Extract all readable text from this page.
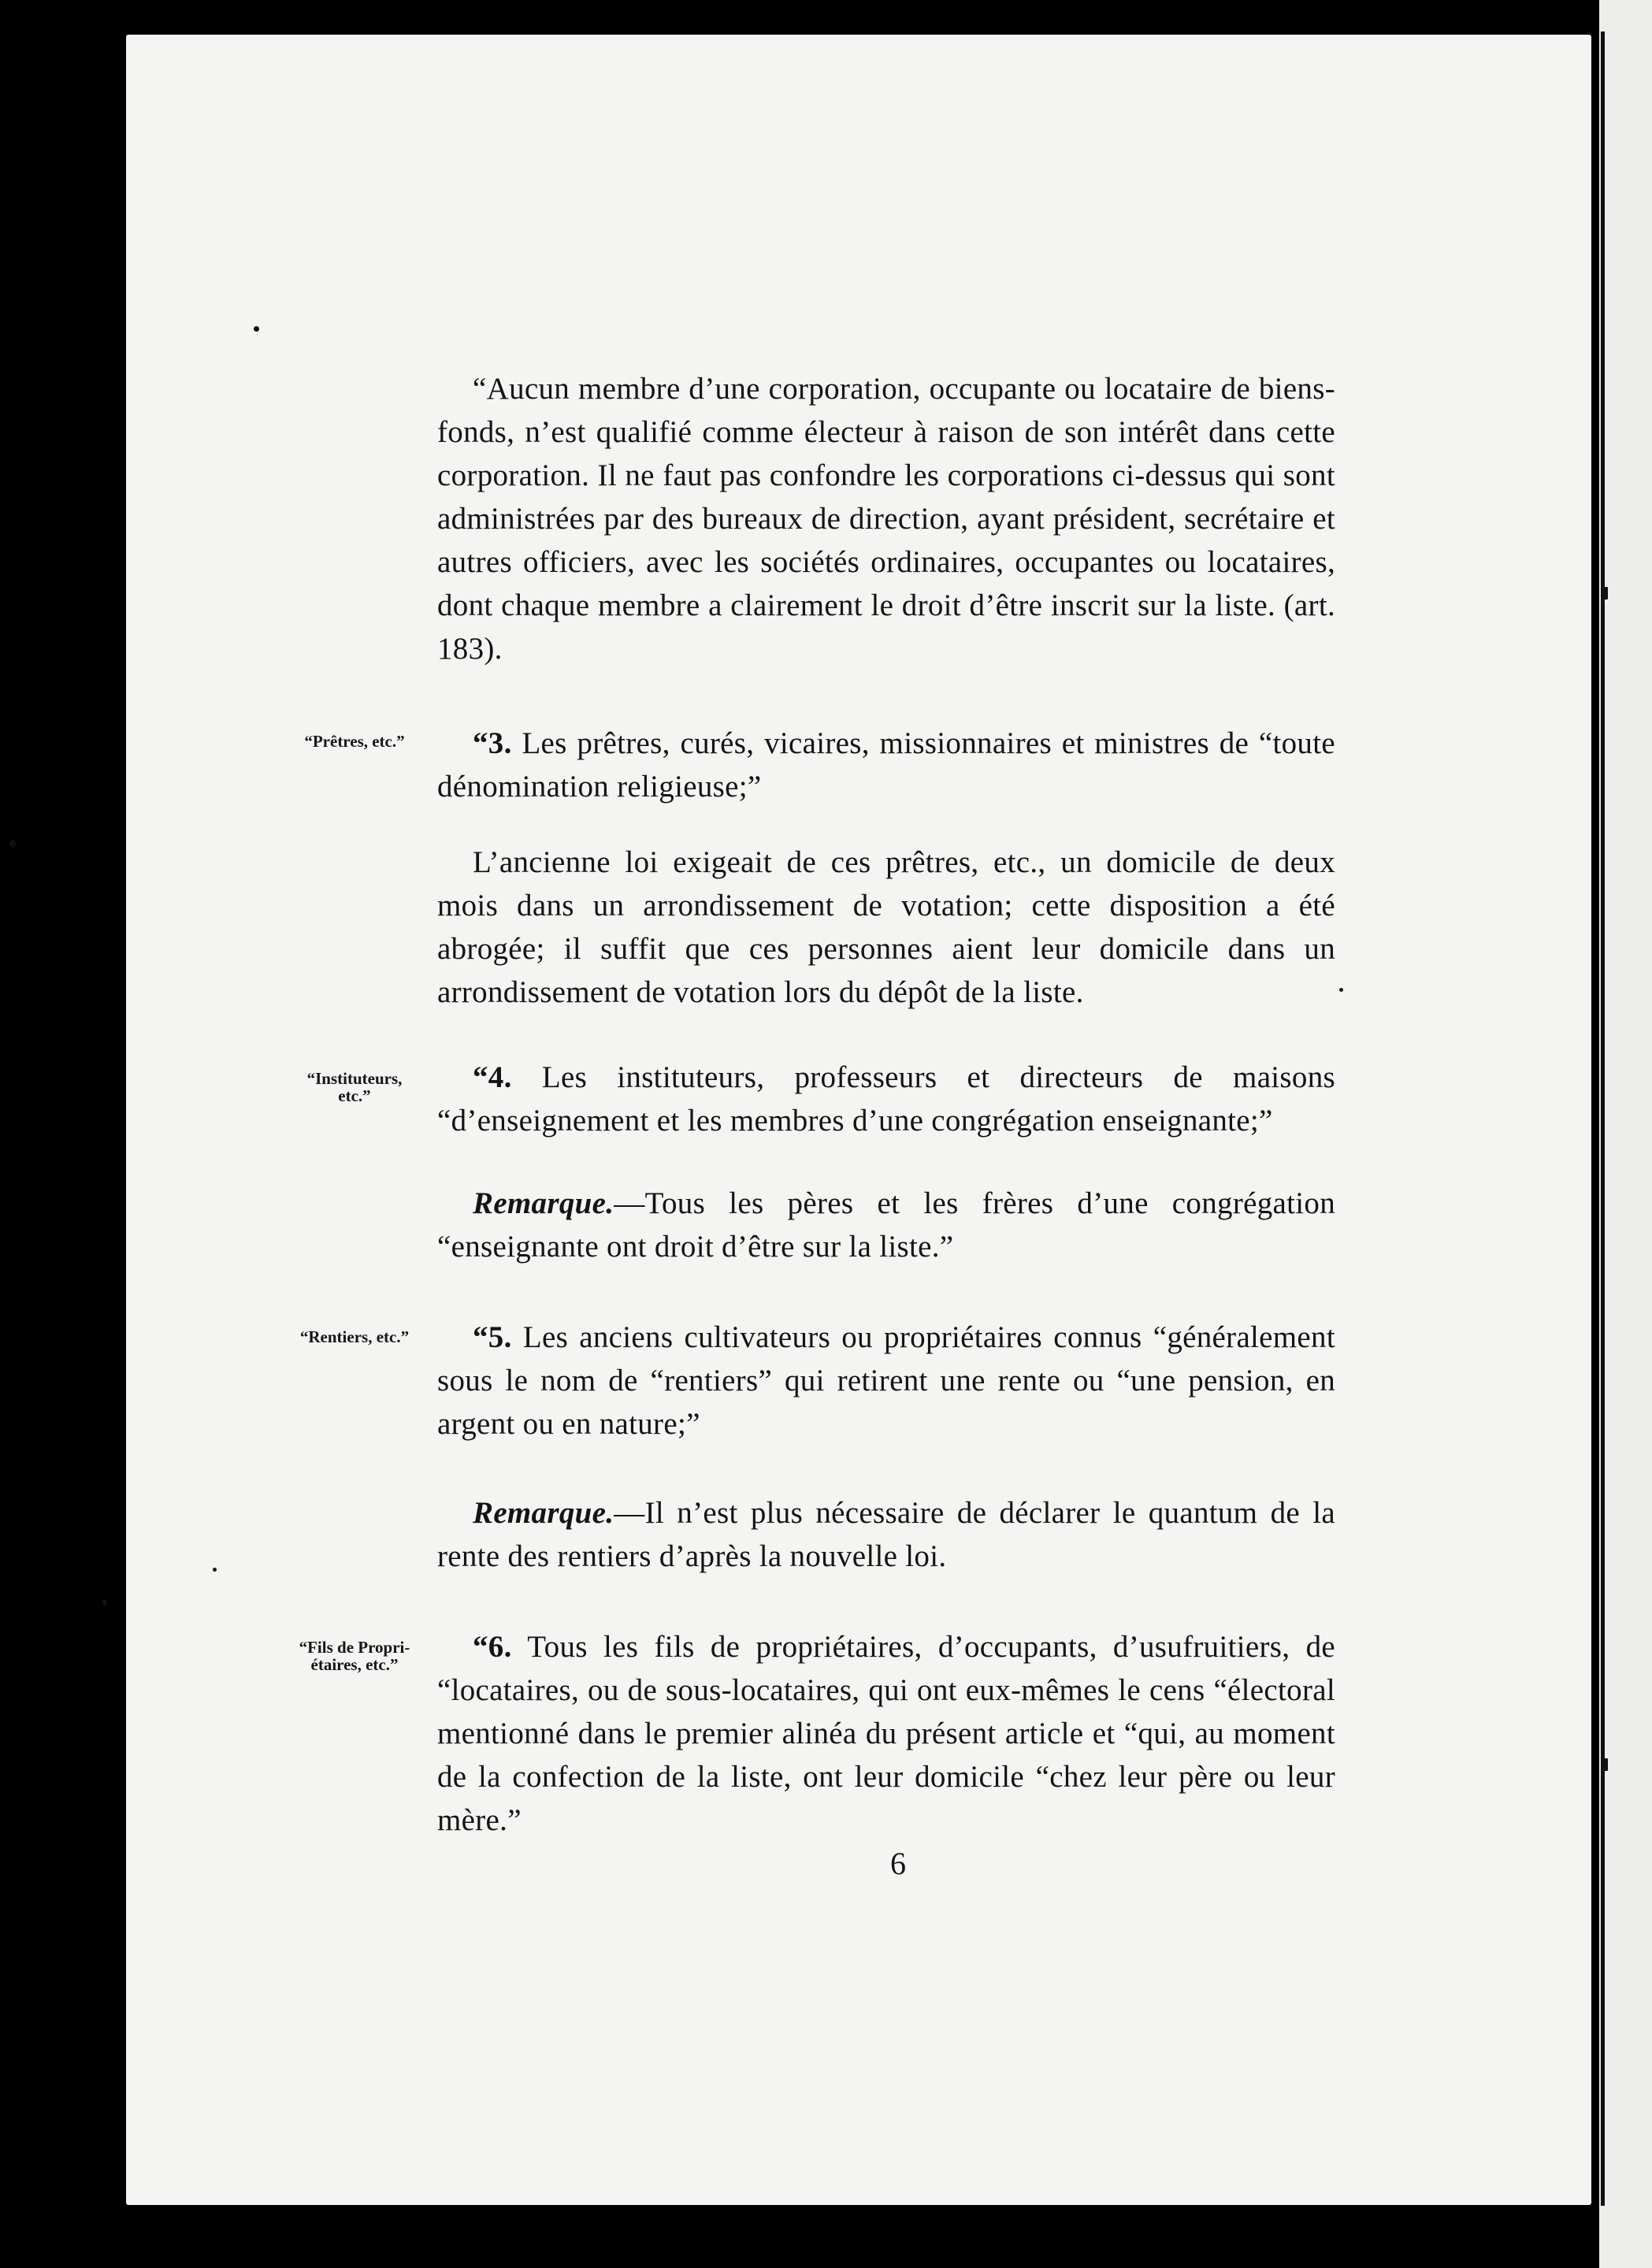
“Aucun membre d’une corporation, occupante ou locataire de biens-fonds, n’est qualifié comme électeur à raison de son intérêt dans cette corporation. Il ne faut pas confondre les corporations ci-dessus qui sont administrées par des bureaux de direction, ayant président, secrétaire et autres officiers, avec les sociétés ordinaires, occupantes ou locataires, dont chaque membre a clairement le droit d’être inscrit sur la liste. (art. 183).

“Prêtres, etc.”	“3. Les prêtres, curés, vicaires, missionnaires et ministres de “toute dénomination religieuse;”

L’ancienne loi exigeait de ces prêtres, etc., un domicile de deux mois dans un arrondissement de votation; cette disposition a été abrogée; il suffit que ces personnes aient leur domicile dans un arrondissement de votation lors du dépôt de la liste.

“Instituteurs,
etc.”

“4. Les instituteurs, professeurs et directeurs de maisons “d’enseignement et les membres d’une congrégation enseignante;”

Remarque.—Tous les pères et les frères d’une congrégation “enseignante ont droit d’être sur la liste.”

“Rentiers, etc.”	“5. Les anciens cultivateurs ou propriétaires connus “généralement sous le nom de “rentiers” qui retirent une rente ou “une pension, en argent ou en nature;”

Remarque.—Il n’est plus nécessaire de déclarer le quantum de la rente des rentiers d’après la nouvelle loi.

“Fils de Propri-
étaires, etc.”

“6. Tous les fils de propriétaires, d’occupants, d’usufruitiers, de “locataires, ou de sous-locataires, qui ont eux-mêmes le cens “électoral mentionné dans le premier alinéa du présent article et “qui, au moment de la confection de la liste, ont leur domicile “chez leur père ou leur mère.”

6
